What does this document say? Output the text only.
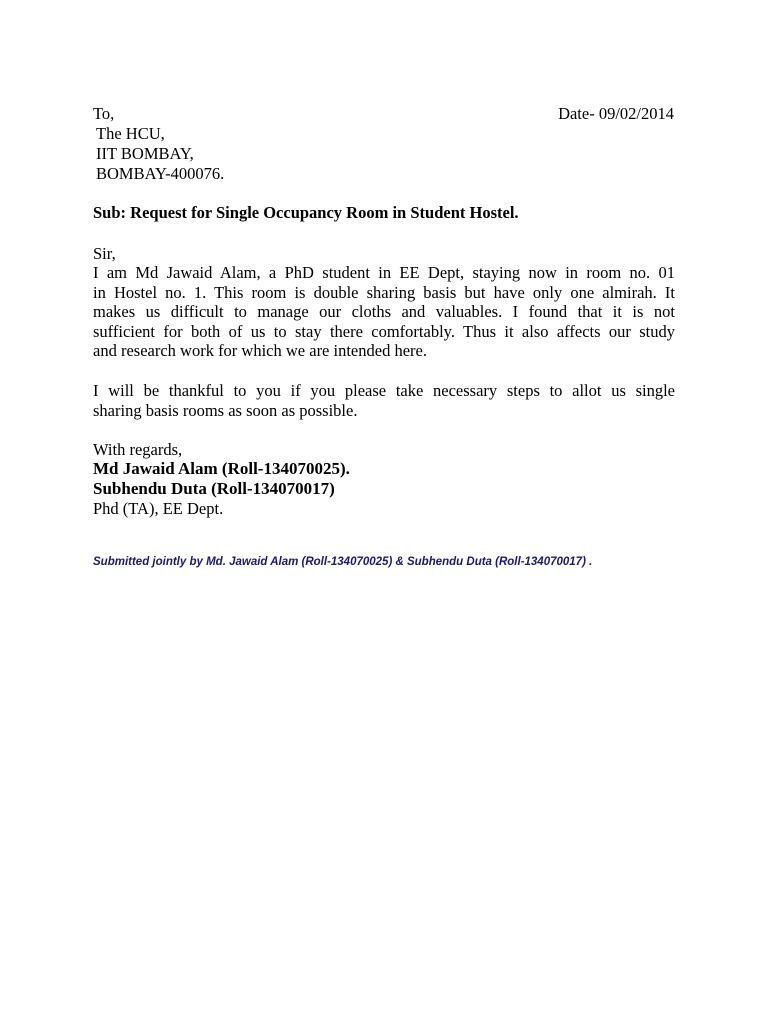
To,	Date- 09/02/2014
The HCU,
IIT BOMBAY,
BOMBAY-400076.
Sub: Request for Single Occupancy Room in Student Hostel.
Sir,
I am Md Jawaid Alam, a PhD student in EE Dept, staying now in room no. 01
in Hostel no. 1. This room is double sharing basis but have only one almirah. It
makes us difficult to manage our cloths and valuables. I found that it is not
sufficient for both of us to stay there comfortably. Thus it also affects our study
and research work for which we are intended here.
I will be thankful to you if you please take necessary steps to allot us single
sharing basis rooms as soon as possible.
With regards,
Md Jawaid Alam (Roll-134070025).
Subhendu Duta (Roll-134070017)
Phd (TA), EE Dept.
Submitted jointly by Md. Jawaid Alam (Roll-134070025) & Subhendu Duta (Roll-134070017) .
